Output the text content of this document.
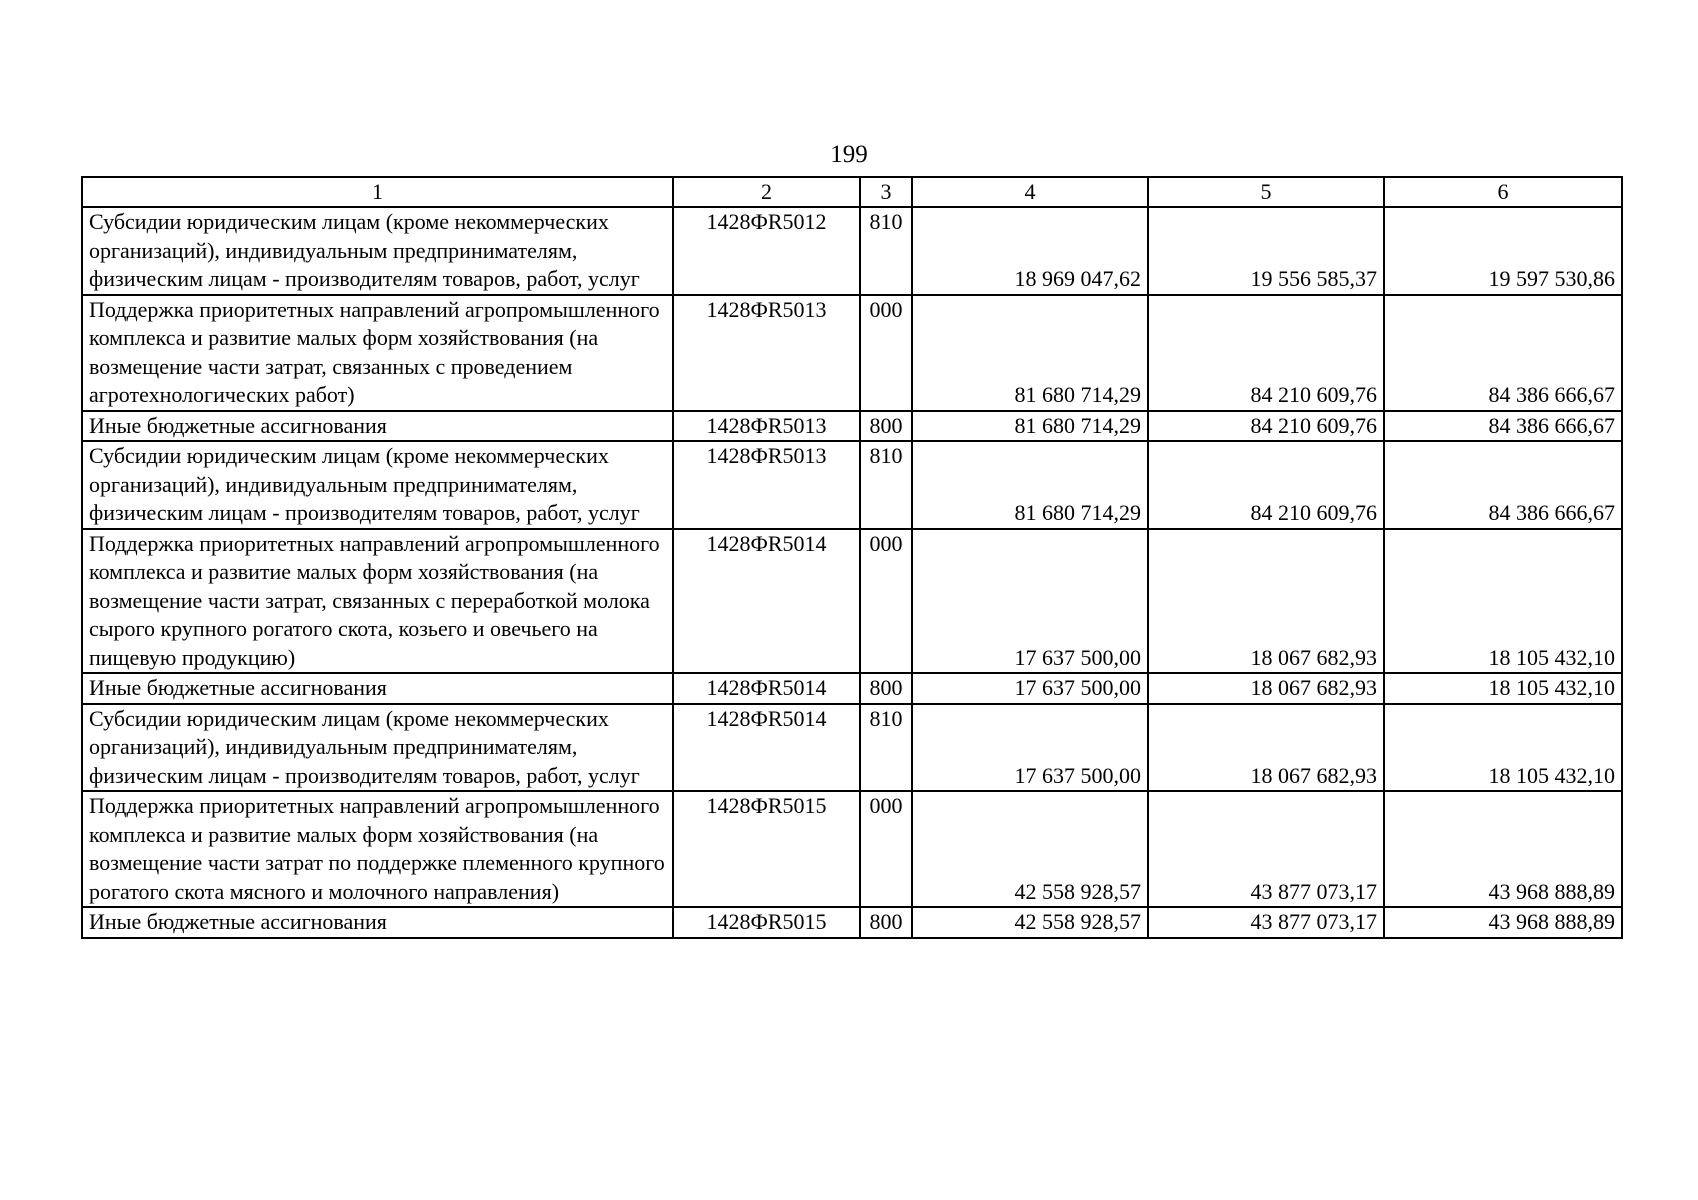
199
1	2	3	4	5	6
Субсидии юридическим лицам (кроме некоммерческих организаций), индивидуальным предпринимателям, физическим лицам - производителям товаров, работ, услуг	1428ФR5012	810	18 969 047,62	19 556 585,37	19 597 530,86
Поддержка приоритетных направлений агропромышленного комплекса и развитие малых форм хозяйствования (на возмещение части затрат, связанных с проведением агротехнологических работ)	1428ФR5013	000	81 680 714,29	84 210 609,76	84 386 666,67
Иные бюджетные ассигнования	1428ФR5013	800	81 680 714,29	84 210 609,76	84 386 666,67
Субсидии юридическим лицам (кроме некоммерческих организаций), индивидуальным предпринимателям, физическим лицам - производителям товаров, работ, услуг	1428ФR5013	810	81 680 714,29	84 210 609,76	84 386 666,67
Поддержка приоритетных направлений агропромышленного комплекса и развитие малых форм хозяйствования (на возмещение части затрат, связанных с переработкой молока сырого крупного рогатого скота, козьего и овечьего на пищевую продукцию)	1428ФR5014	000	17 637 500,00	18 067 682,93	18 105 432,10
Иные бюджетные ассигнования	1428ФR5014	800	17 637 500,00	18 067 682,93	18 105 432,10
Субсидии юридическим лицам (кроме некоммерческих организаций), индивидуальным предпринимателям, физическим лицам - производителям товаров, работ, услуг	1428ФR5014	810	17 637 500,00	18 067 682,93	18 105 432,10
Поддержка приоритетных направлений агропромышленного комплекса и развитие малых форм хозяйствования (на возмещение части затрат по поддержке племенного крупного рогатого скота мясного и молочного направления)	1428ФR5015	000	42 558 928,57	43 877 073,17	43 968 888,89
Иные бюджетные ассигнования	1428ФR5015	800	42 558 928,57	43 877 073,17	43 968 888,89
